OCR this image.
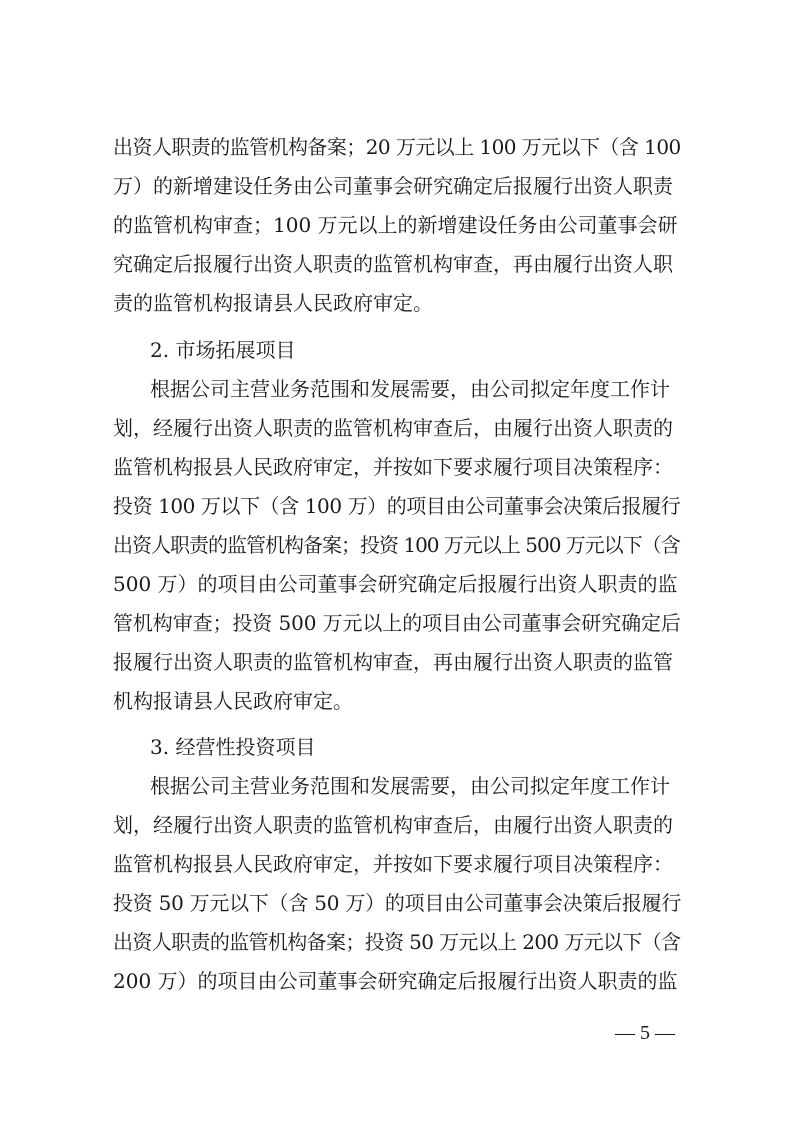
出资人职责的监管机构备案；20 万元以上 100 万元以下（含 100
万）的新增建设任务由公司董事会研究确定后报履行出资人职责
的监管机构审查；100 万元以上的新增建设任务由公司董事会研
究确定后报履行出资人职责的监管机构审查，再由履行出资人职
责的监管机构报请县人民政府审定。
2. 市场拓展项目
根据公司主营业务范围和发展需要，由公司拟定年度工作计
划，经履行出资人职责的监管机构审查后，由履行出资人职责的
监管机构报县人民政府审定，并按如下要求履行项目决策程序：
投资 100 万以下（含 100 万）的项目由公司董事会决策后报履行
出资人职责的监管机构备案；投资 100 万元以上 500 万元以下（含
500 万）的项目由公司董事会研究确定后报履行出资人职责的监
管机构审查；投资 500 万元以上的项目由公司董事会研究确定后
报履行出资人职责的监管机构审查，再由履行出资人职责的监管
机构报请县人民政府审定。
3. 经营性投资项目
根据公司主营业务范围和发展需要，由公司拟定年度工作计
划，经履行出资人职责的监管机构审查后，由履行出资人职责的
监管机构报县人民政府审定，并按如下要求履行项目决策程序：
投资 50 万元以下（含 50 万）的项目由公司董事会决策后报履行
出资人职责的监管机构备案；投资 50 万元以上 200 万元以下（含
200 万）的项目由公司董事会研究确定后报履行出资人职责的监
— 5 —
